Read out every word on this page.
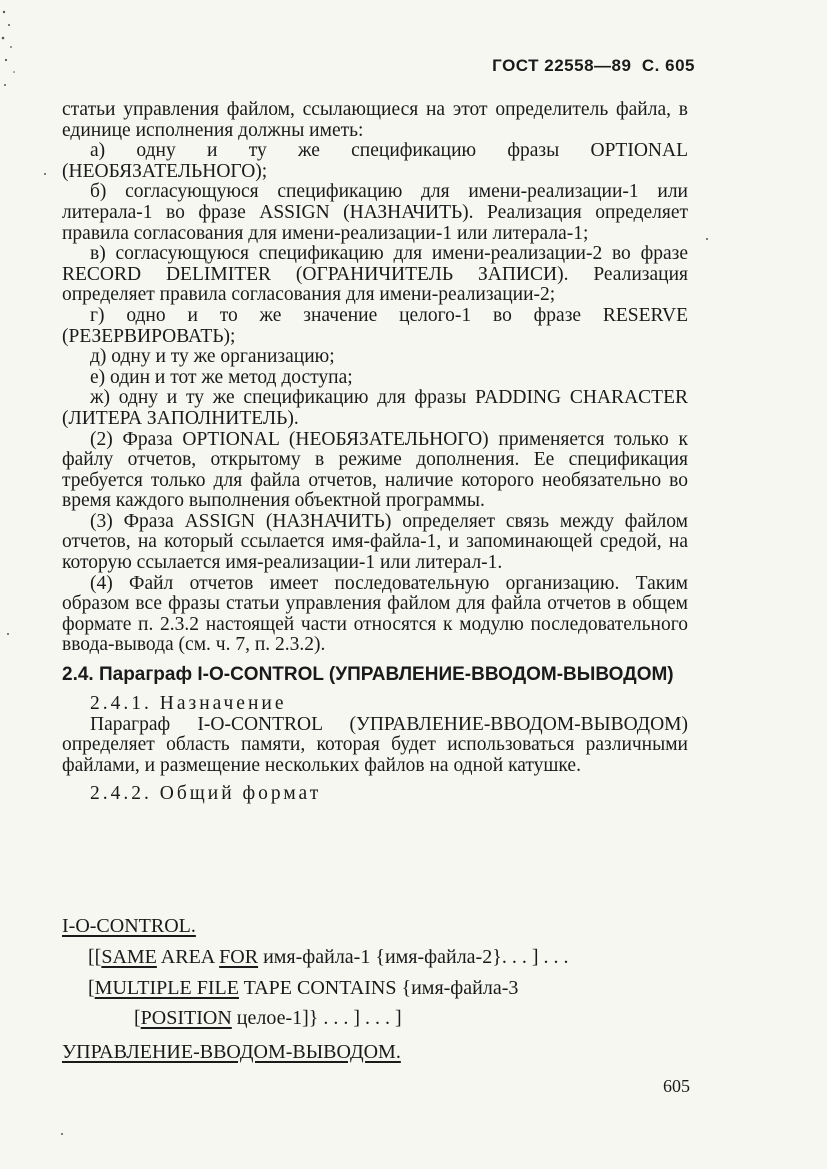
ГОСТ 22558—89 С. 605

статьи управления файлом, ссылающиеся на этот определитель файла, в единице исполнения должны иметь:

а) одну и ту же спецификацию фразы OPTIONAL (НЕОБЯЗАТЕЛЬНОГО);

б) согласующуюся спецификацию для имени-реализации-1 или литерала-1 во фразе ASSIGN (НАЗНАЧИТЬ). Реализация определяет правила согласования для имени-реализации-1 или литерала-1;

в) согласующуюся спецификацию для имени-реализации-2 во фразе RECORD DELIMITER (ОГРАНИЧИТЕЛЬ ЗАПИСИ). Реализация определяет правила согласования для имени-реализации-2;

г) одно и то же значение целого-1 во фразе RESERVE (РЕЗЕРВИРОВАТЬ);

д) одну и ту же организацию;

е) один и тот же метод доступа;

ж) одну и ту же спецификацию для фразы PADDING CHARACTER (ЛИТЕРА ЗАПОЛНИТЕЛЬ).

(2) Фраза OPTIONAL (НЕОБЯЗАТЕЛЬНОГО) применяется только к файлу отчетов, открытому в режиме дополнения. Ее спецификация требуется только для файла отчетов, наличие которого необязательно во время каждого выполнения объектной программы.

(3) Фраза ASSIGN (НАЗНАЧИТЬ) определяет связь между файлом отчетов, на который ссылается имя-файла-1, и запоминающей средой, на которую ссылается имя-реализации-1 или литерал-1.

(4) Файл отчетов имеет последовательную организацию. Таким образом все фразы статьи управления файлом для файла отчетов в общем формате п. 2.3.2 настоящей части относятся к модулю последовательного ввода-вывода (см. ч. 7, п. 2.3.2).

2.4. Параграф I-O-CONTROL (УПРАВЛЕНИЕ-ВВОДОМ-ВЫВОДОМ)

2.4.1. Назначение

Параграф I-O-CONTROL (УПРАВЛЕНИЕ-ВВОДОМ-ВЫВОДОМ) определяет область памяти, которая будет использоваться различными файлами, и размещение нескольких файлов на одной катушке.

2.4.2. Общий формат

I-O-CONTROL.
[[SAME AREA FOR имя-файла-1 {имя-файла-2}. . . ] . . .
[MULTIPLE FILE TAPE CONTAINS {имя-файла-3
[POSITION целое-1]} . . . ] . . . ]
УПРАВЛЕНИЕ-ВВОДОМ-ВЫВОДОМ.
605
